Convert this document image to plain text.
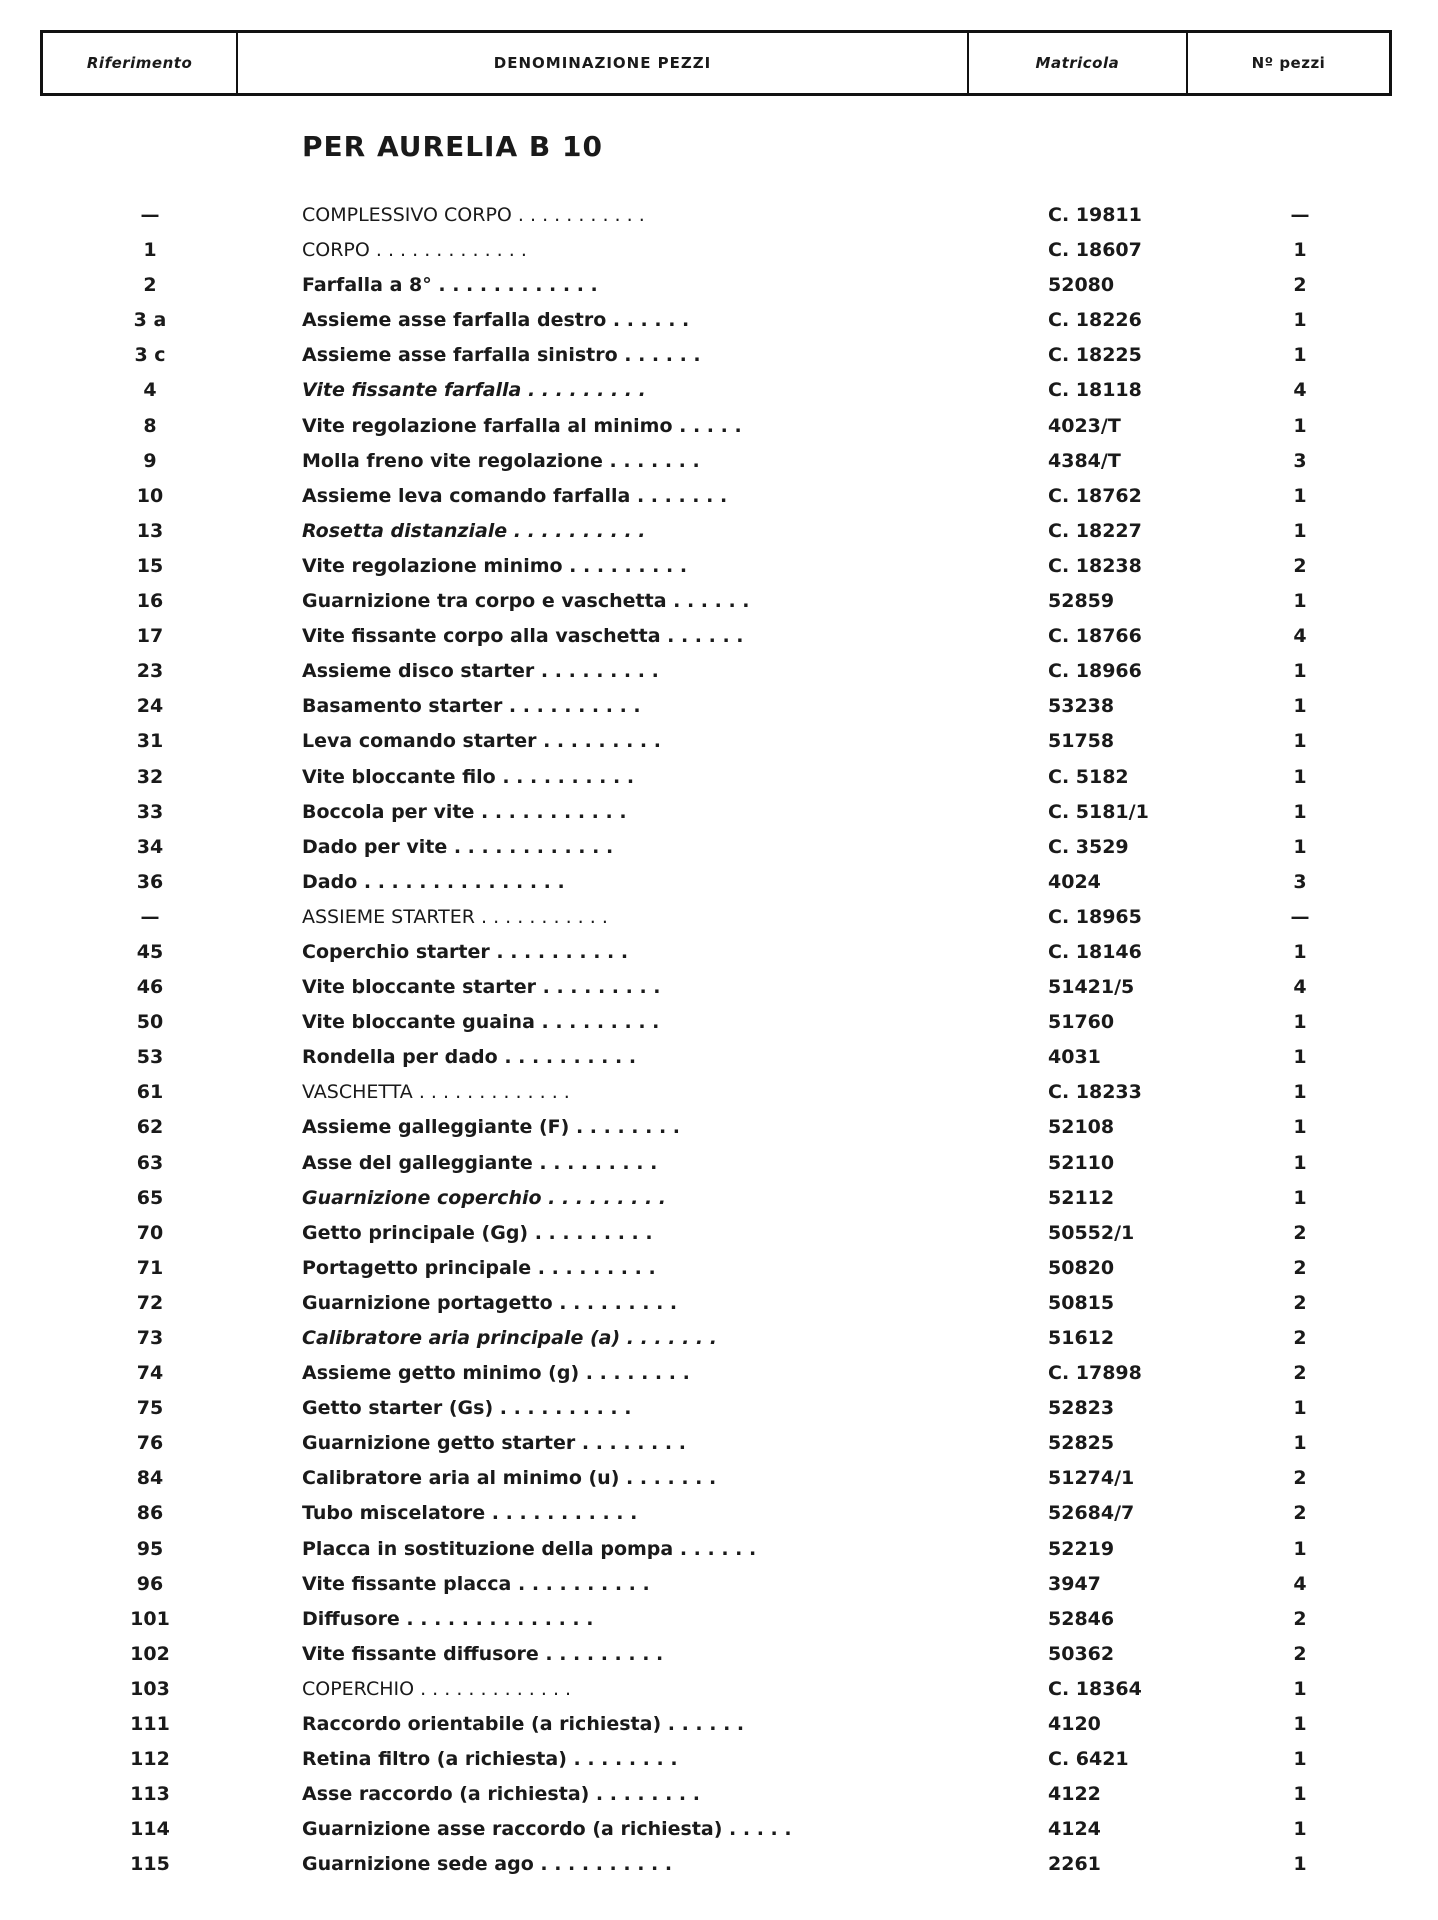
Riferimento	DENOMINAZIONE PEZZI	Matricola	Nº pezzi
PER AURELIA B 10
—	COMPLESSIVO CORPO . . . . . . . . . . .	C. 19811	—
1	CORPO . . . . . . . . . . . . .	C. 18607	1
2	Farfalla a 8° . . . . . . . . . . . .	52080	2
3 a	Assieme asse farfalla destro . . . . . .	C. 18226	1
3 c	Assieme asse farfalla sinistro . . . . . .	C. 18225	1
4	Vite fissante farfalla . . . . . . . . .	C. 18118	4
8	Vite regolazione farfalla al minimo . . . . .	4023/T	1
9	Molla freno vite regolazione . . . . . . .	4384/T	3
10	Assieme leva comando farfalla . . . . . . .	C. 18762	1
13	Rosetta distanziale . . . . . . . . . .	C. 18227	1
15	Vite regolazione minimo . . . . . . . . .	C. 18238	2
16	Guarnizione tra corpo e vaschetta . . . . . .	52859	1
17	Vite fissante corpo alla vaschetta . . . . . .	C. 18766	4
23	Assieme disco starter . . . . . . . . .	C. 18966	1
24	Basamento starter . . . . . . . . . .	53238	1
31	Leva comando starter . . . . . . . . .	51758	1
32	Vite bloccante filo . . . . . . . . . .	C. 5182	1
33	Boccola per vite . . . . . . . . . . .	C. 5181/1	1
34	Dado per vite . . . . . . . . . . . .	C. 3529	1
36	Dado . . . . . . . . . . . . . . .	4024	3
—	ASSIEME STARTER . . . . . . . . . . .	C. 18965	—
45	Coperchio starter . . . . . . . . . .	C. 18146	1
46	Vite bloccante starter . . . . . . . . .	51421/5	4
50	Vite bloccante guaina . . . . . . . . .	51760	1
53	Rondella per dado . . . . . . . . . .	4031	1
61	VASCHETTA . . . . . . . . . . . . .	C. 18233	1
62	Assieme galleggiante (F) . . . . . . . .	52108	1
63	Asse del galleggiante . . . . . . . . .	52110	1
65	Guarnizione coperchio . . . . . . . . .	52112	1
70	Getto principale (Gg) . . . . . . . . .	50552/1	2
71	Portagetto principale . . . . . . . . .	50820	2
72	Guarnizione portagetto . . . . . . . . .	50815	2
73	Calibratore aria principale (a) . . . . . . .	51612	2
74	Assieme getto minimo (g) . . . . . . . .	C. 17898	2
75	Getto starter (Gs) . . . . . . . . . .	52823	1
76	Guarnizione getto starter . . . . . . . .	52825	1
84	Calibratore aria al minimo (u) . . . . . . .	51274/1	2
86	Tubo miscelatore . . . . . . . . . . .	52684/7	2
95	Placca in sostituzione della pompa . . . . . .	52219	1
96	Vite fissante placca . . . . . . . . . .	3947	4
101	Diffusore . . . . . . . . . . . . . .	52846	2
102	Vite fissante diffusore . . . . . . . . .	50362	2
103	COPERCHIO . . . . . . . . . . . . .	C. 18364	1
111	Raccordo orientabile (a richiesta) . . . . . .	4120	1
112	Retina filtro (a richiesta) . . . . . . . .	C. 6421	1
113	Asse raccordo (a richiesta) . . . . . . . .	4122	1
114	Guarnizione asse raccordo (a richiesta) . . . . .	4124	1
115	Guarnizione sede ago . . . . . . . . . .	2261	1
